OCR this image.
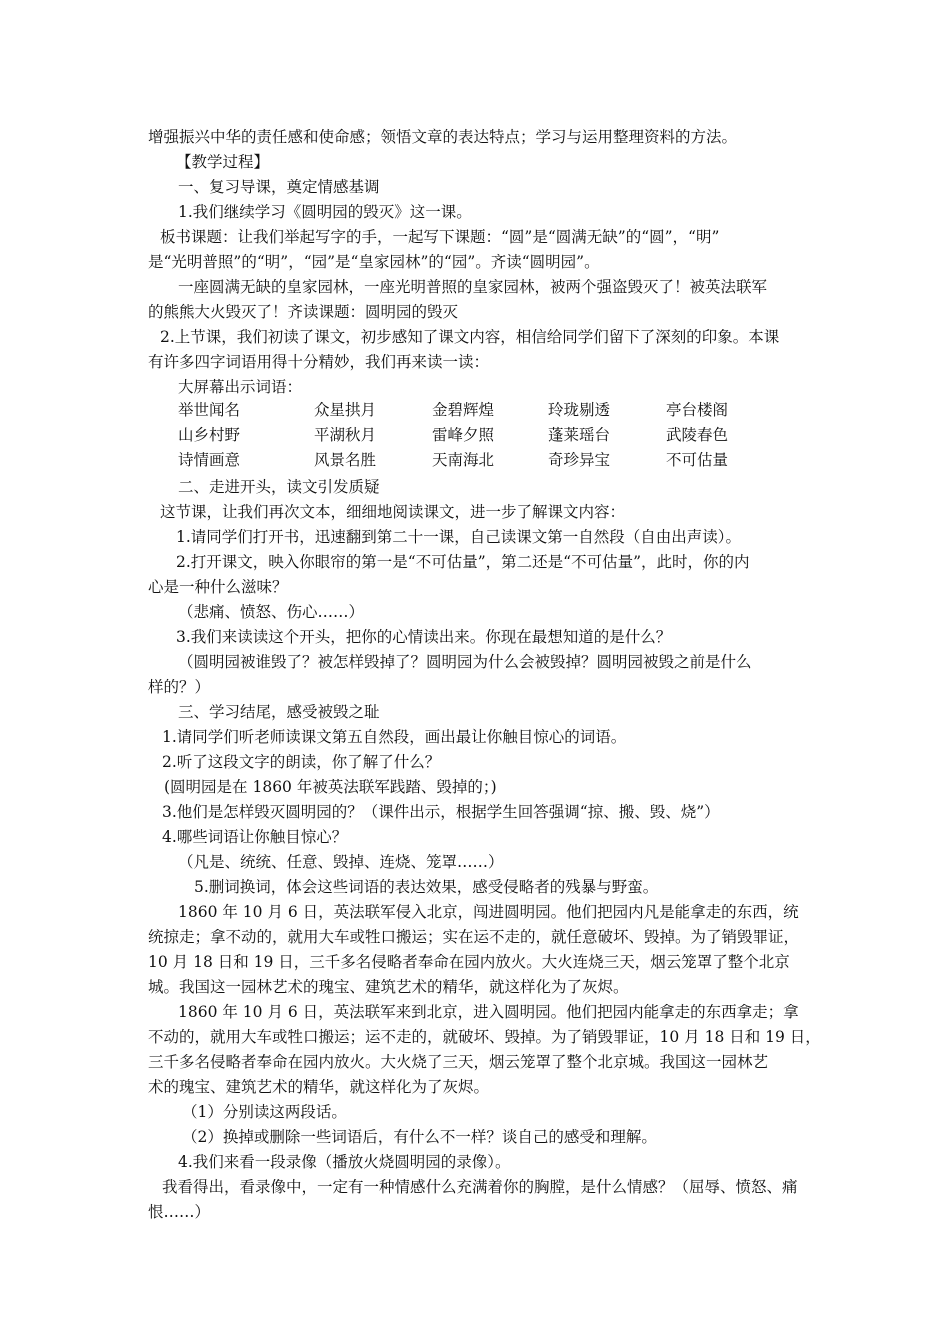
增强振兴中华的责任感和使命感；领悟文章的表达特点；学习与运用整理资料的方法。
【教学过程】
一、复习导课，奠定情感基调
1.我们继续学习《圆明园的毁灭》这一课。
板书课题：让我们举起写字的手，一起写下课题：“圆”是“圆满无缺”的“圆”，“明”
是“光明普照”的“明”，“园”是“皇家园林”的“园”。齐读“圆明园”。
一座圆满无缺的皇家园林，一座光明普照的皇家园林，被两个强盗毁灭了！被英法联军
的熊熊大火毁灭了！齐读课题：圆明园的毁灭
2.上节课，我们初读了课文，初步感知了课文内容，相信给同学们留下了深刻的印象。本课
有许多四字词语用得十分精妙，我们再来读一读：
大屏幕出示词语：
举世闻名	众星拱月	金碧辉煌	玲珑剔透	亭台楼阁
山乡村野	平湖秋月	雷峰夕照	蓬莱瑶台	武陵春色
诗情画意	风景名胜	天南海北	奇珍异宝	不可估量
二、走进开头，读文引发质疑
这节课，让我们再次文本，细细地阅读课文，进一步了解课文内容：
1.请同学们打开书，迅速翻到第二十一课，自己读课文第一自然段（自由出声读）。
2.打开课文，映入你眼帘的第一是“不可估量”，第二还是“不可估量”，此时，你的内
心是一种什么滋味？
（悲痛、愤怒、伤心……）
3.我们来读读这个开头，把你的心情读出来。你现在最想知道的是什么？
（圆明园被谁毁了？被怎样毁掉了？圆明园为什么会被毁掉？圆明园被毁之前是什么
样的？）
三、学习结尾，感受被毁之耻
1.请同学们听老师读课文第五自然段，画出最让你触目惊心的词语。
2.听了这段文字的朗读，你了解了什么？
(圆明园是在 1860 年被英法联军践踏、毁掉的；)
3.他们是怎样毁灭圆明园的？（课件出示，根据学生回答强调“掠、搬、毁、烧”）
4.哪些词语让你触目惊心？
（凡是、统统、任意、毁掉、连烧、笼罩……）
5.删词换词，体会这些词语的表达效果，感受侵略者的残暴与野蛮。
1860 年 10 月 6 日，英法联军侵入北京，闯进圆明园。他们把园内凡是能拿走的东西，统
统掠走；拿不动的，就用大车或牲口搬运；实在运不走的，就任意破坏、毁掉。为了销毁罪证，
10 月 18 日和 19 日，三千多名侵略者奉命在园内放火。大火连烧三天，烟云笼罩了整个北京
城。我国这一园林艺术的瑰宝、建筑艺术的精华，就这样化为了灰烬。
1860 年 10 月 6 日，英法联军来到北京，进入圆明园。他们把园内能拿走的东西拿走；拿
不动的，就用大车或牲口搬运；运不走的，就破坏、毁掉。为了销毁罪证，10 月 18 日和 19 日，
三千多名侵略者奉命在园内放火。大火烧了三天，烟云笼罩了整个北京城。我国这一园林艺
术的瑰宝、建筑艺术的精华，就这样化为了灰烬。
（1）分别读这两段话。
（2）换掉或删除一些词语后，有什么不一样？谈自己的感受和理解。
4.我们来看一段录像（播放火烧圆明园的录像）。
我看得出，看录像中，一定有一种情感什么充满着你的胸膛，是什么情感？（屈辱、愤怒、痛
恨……）
